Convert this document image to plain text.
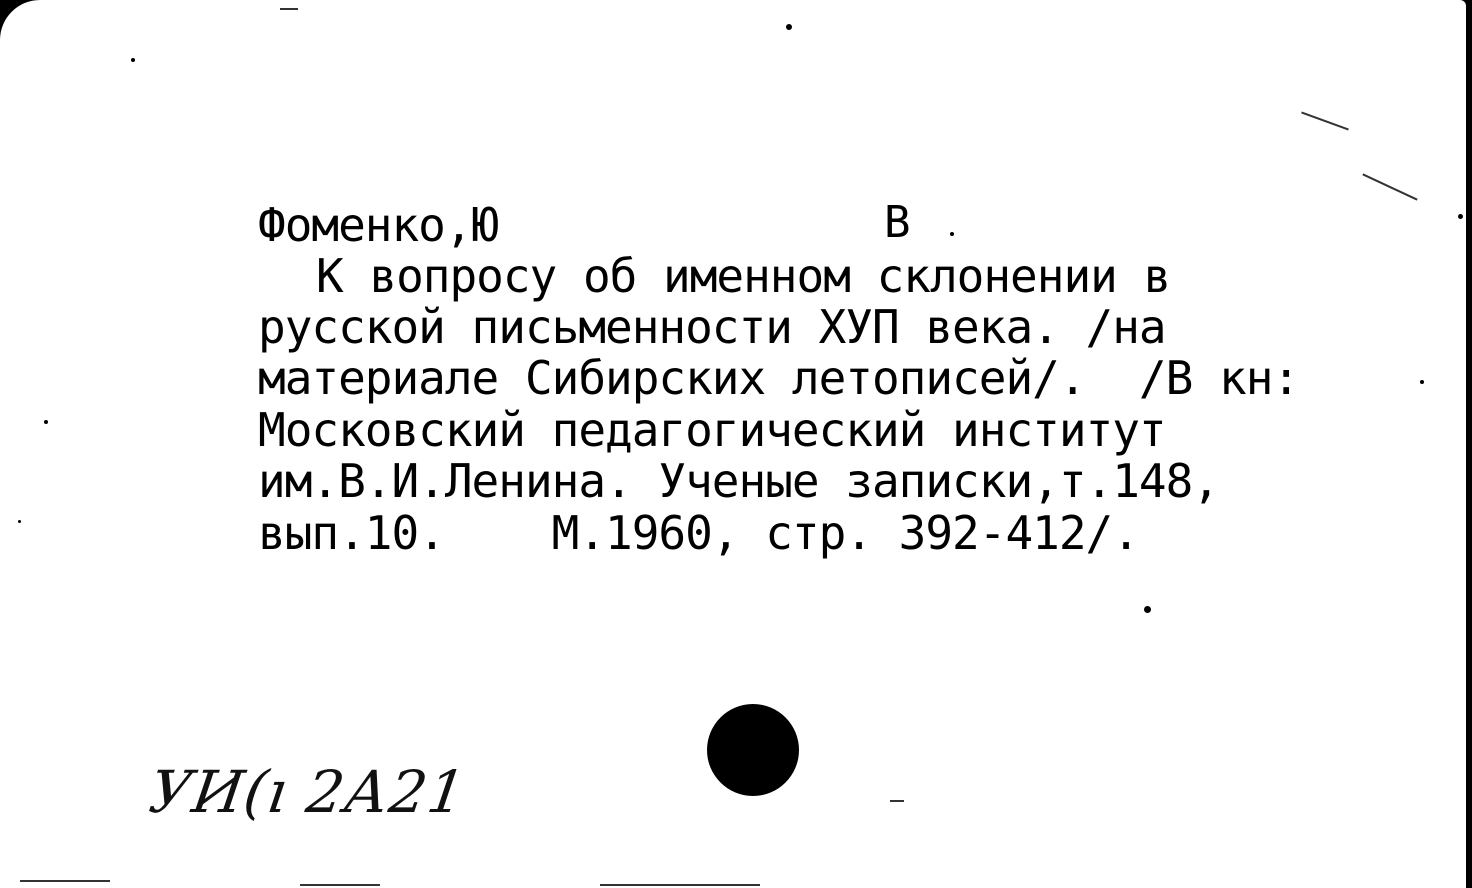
Фоменко,Ю	В
К вопросу об именном склонении в
русской письменности ХУП века. /на
материале Сибирских летописей/.  /В кн:
Московский педагогический институт
им.В.И.Ленина. Ученые записки,т.148,
вып.10.    М.1960, стр. 392-412/.
УИ(ı 2А21
